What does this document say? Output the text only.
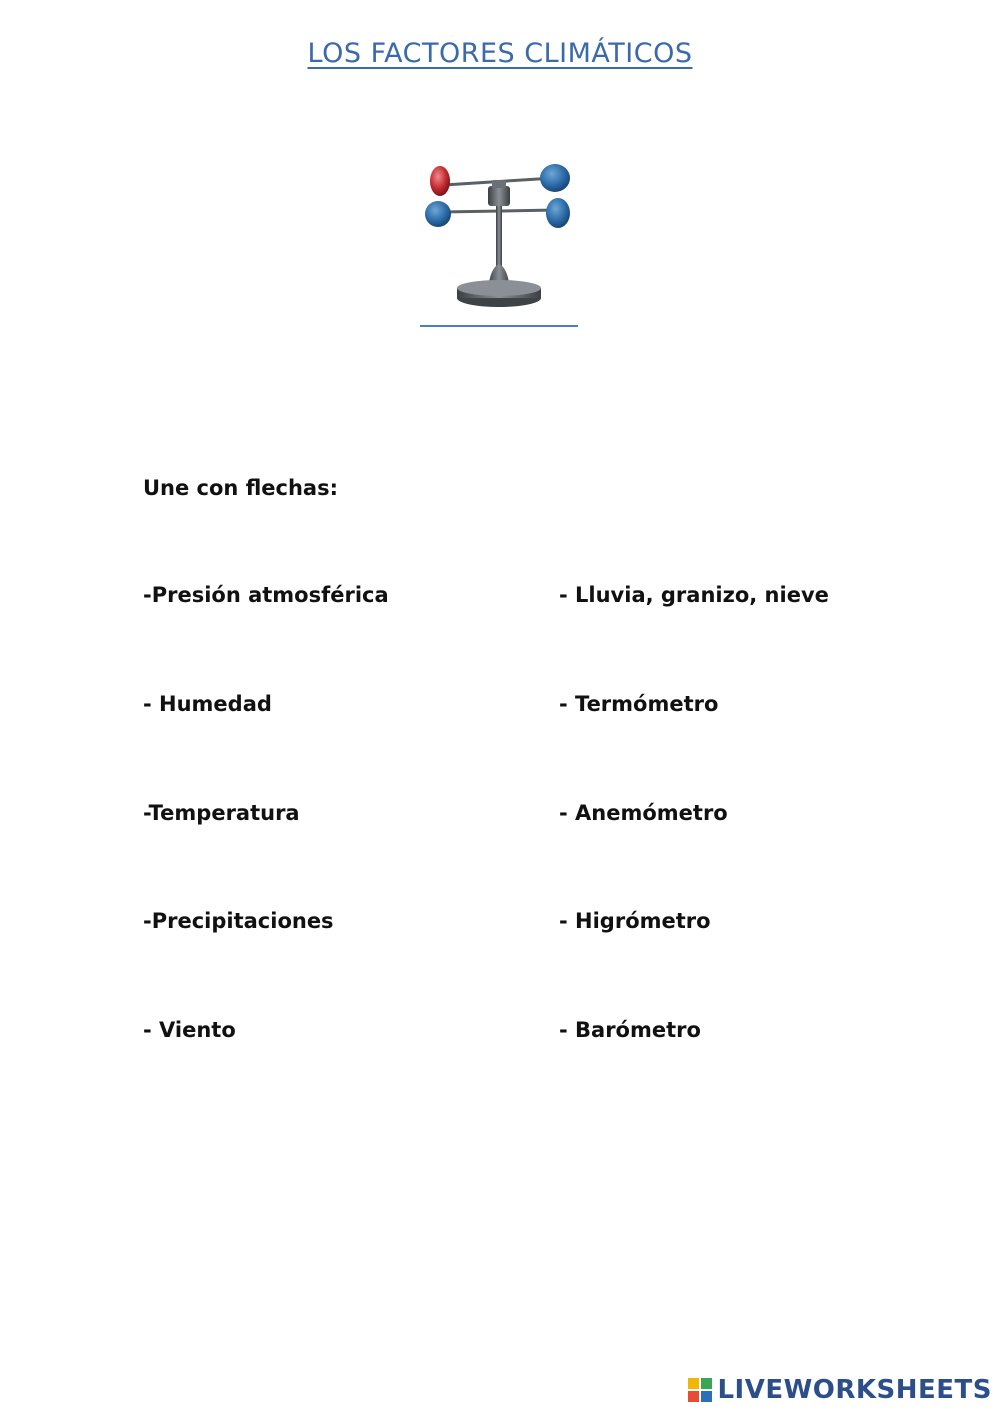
LOS FACTORES CLIMÁTICOS
Une con flechas:
-Presión atmosférica
- Humedad
-Temperatura
-Precipitaciones
- Viento
- Lluvia, granizo, nieve
- Termómetro
- Anemómetro
- Higrómetro
- Barómetro
LIVEWORKSHEETS
